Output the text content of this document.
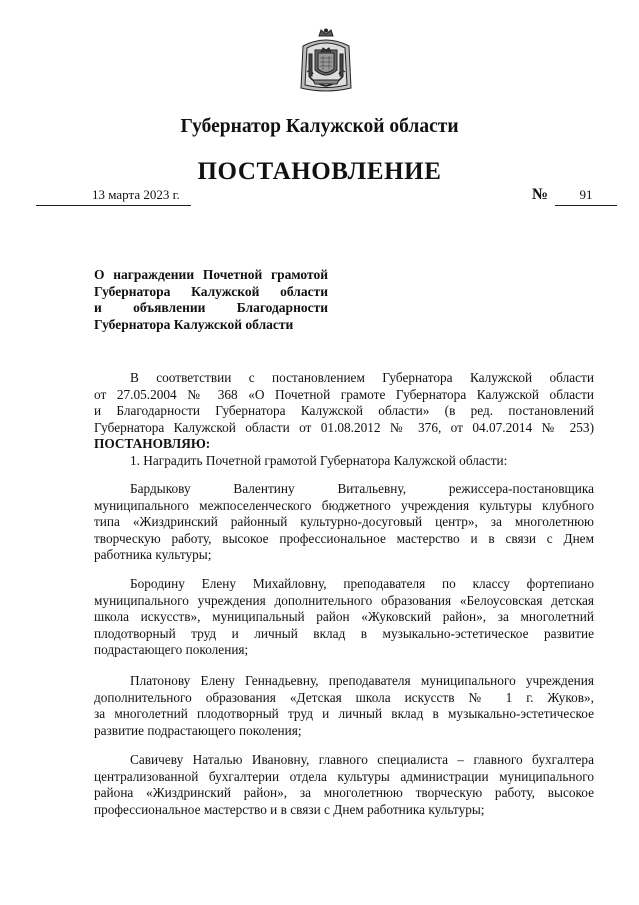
Губернатор Калужской области
ПОСТАНОВЛЕНИЕ
13 марта 2023 г.	№	91
О награждении Почетной грамотой
Губернатора Калужской области
и объявлении Благодарности
Губернатора Калужской области
В соответствии с постановлением Губернатора Калужской области
от 27.05.2004 № 368 «О Почетной грамоте Губернатора Калужской области
и Благодарности Губернатора Калужской области» (в ред. постановлений
Губернатора Калужской области от 01.08.2012 № 376, от 04.07.2014 № 253)
ПОСТАНОВЛЯЮ:
1. Наградить Почетной грамотой Губернатора Калужской области:
Бардыкову Валентину Витальевну, режиссера-постановщика
муниципального межпоселенческого бюджетного учреждения культуры клубного
типа «Жиздринский районный культурно-досуговый центр», за многолетнюю
творческую работу, высокое профессиональное мастерство и в связи с Днем
работника культуры;
Бородину Елену Михайловну, преподавателя по классу фортепиано
муниципального учреждения дополнительного образования «Белоусовская детская
школа искусств», муниципальный район «Жуковский район», за многолетний
плодотворный труд и личный вклад в музыкально-эстетическое развитие
подрастающего поколения;
Платонову Елену Геннадьевну, преподавателя муниципального учреждения
дополнительного образования «Детская школа искусств № 1 г. Жуков»,
за многолетний плодотворный труд и личный вклад в музыкально-эстетическое
развитие подрастающего поколения;
Савичеву Наталью Ивановну, главного специалиста – главного бухгалтера
централизованной бухгалтерии отдела культуры администрации муниципального
района «Жиздринский район», за многолетнюю творческую работу, высокое
профессиональное мастерство и в связи с Днем работника культуры;
